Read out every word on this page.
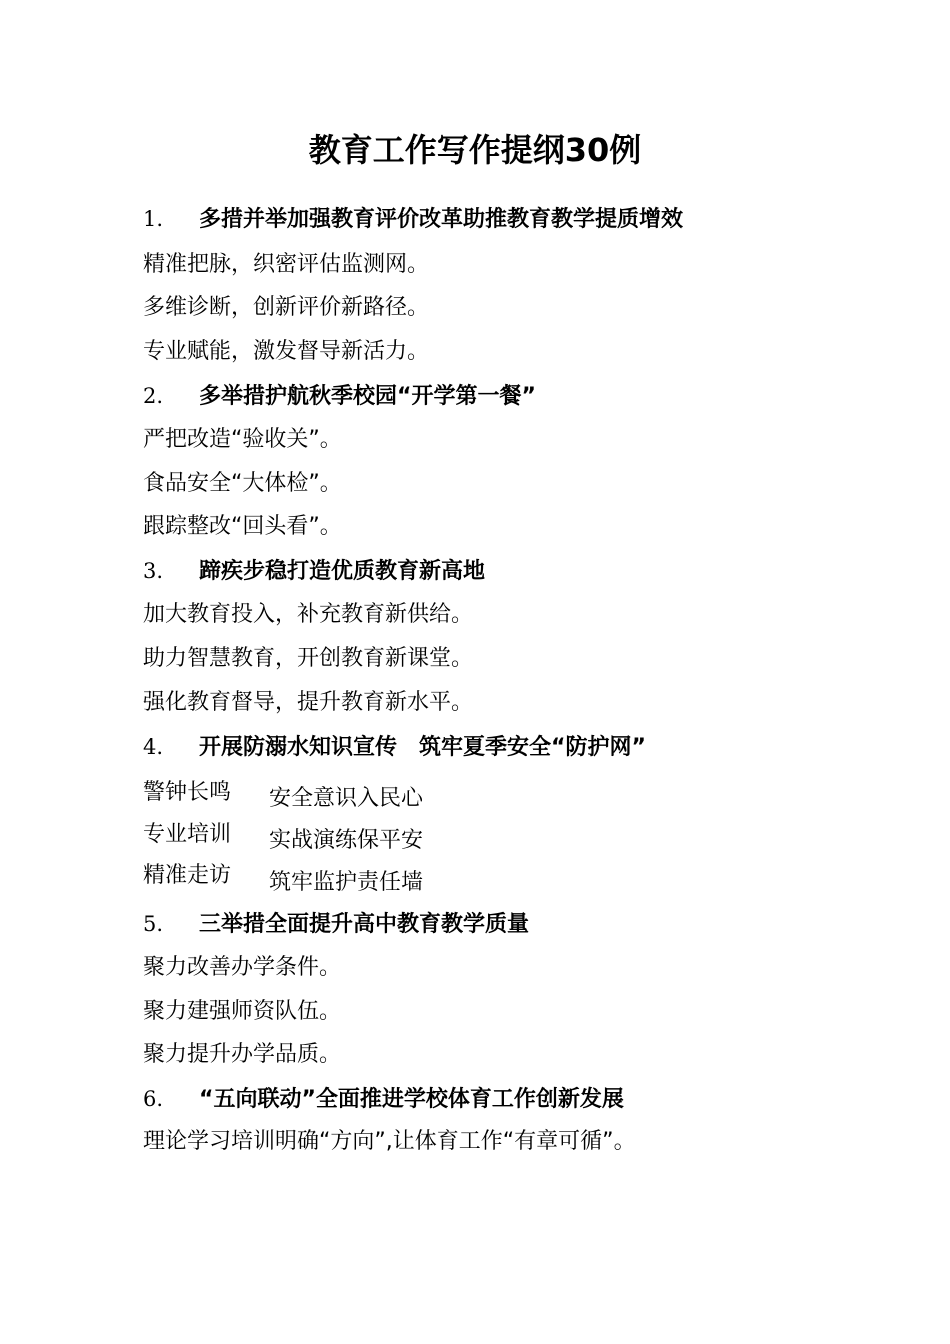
教育工作写作提纲30例
1. 多措并举加强教育评价改革助推教育教学提质增效
精准把脉，织密评估监测网。
多维诊断，创新评价新路径。
专业赋能，激发督导新活力。
2. 多举措护航秋季校园“开学第一餐”
严把改造“验收关”。
食品安全“大体检”。
跟踪整改“回头看”。
3. 蹄疾步稳打造优质教育新高地
加大教育投入，补充教育新供给。
助力智慧教育，开创教育新课堂。
强化教育督导，提升教育新水平。
4. 开展防溺水知识宣传　筑牢夏季安全“防护网”
警钟长鸣 安全意识入民心
专业培训 实战演练保平安
精准走访 筑牢监护责任墙
5. 三举措全面提升高中教育教学质量
聚力改善办学条件。
聚力建强师资队伍。
聚力提升办学品质。
6. “五向联动”全面推进学校体育工作创新发展
理论学习培训明确“方向”,让体育工作“有章可循”。
